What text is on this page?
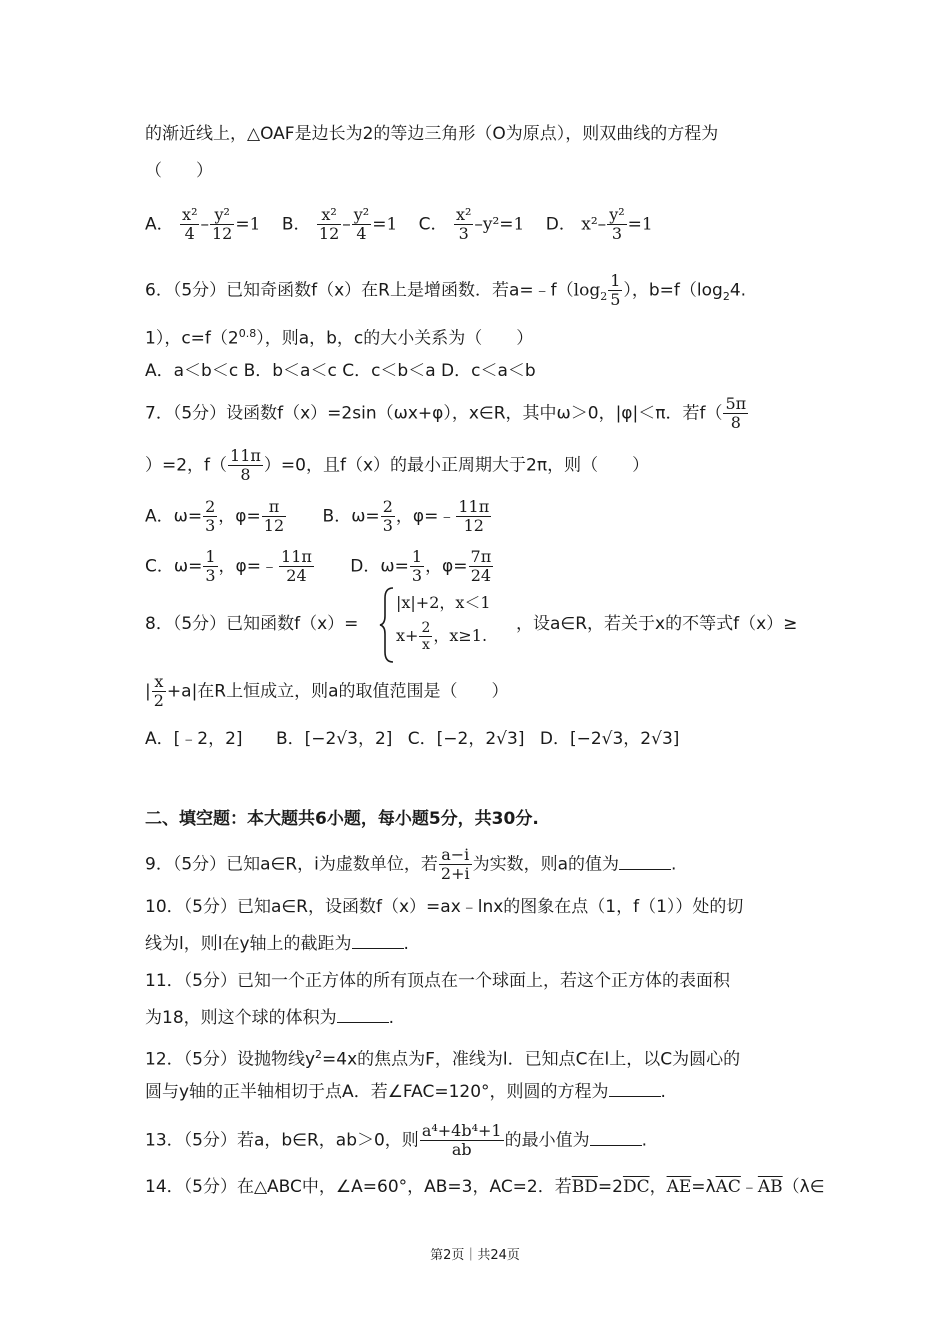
的渐近线上，△OAF是边长为2的等边三角形（O为原点），则双曲线的方程为
（　　）
A． $\frac{\text{x²}}{4} - \frac{\text{y²}}{12} =1$ B． $\frac{\text{x²}}{12} - \frac{\text{y²}}{4} =1$ C． $\frac{\text{x²}}{3} -y^2=1$ D． $x^2- \frac{\text{y²}}{3} =1$
6．（5分）已知奇函数f（x）在R上是增函数．若$a=﹣f(\log_2 \frac{1}{5}$ ），$b=f(\log_24$.
1），$c=f(2^{0.8})$，则a，b，c的大小关系为（　　）
A．a＜b＜c B．b＜a＜c C．c＜b＜a D．c＜a＜b
7．（5分）设函数f（x）=2sin（ωx+φ），x∈R，其中ω＞0，|φ|＜π．若$f( \frac{5\pi}{8}$
）=2，$f( \frac{11\pi}{8} )=0$，且f（x）的最小正周期大于2π，则（　　）
A．$\omega= \frac{2}{3}$ ，$\varphi= \frac{\pi}{12}$ B．$\omega= \frac{2}{3}$ ，φ=﹣ $\frac{11\pi}{12}$
C．$\omega= \frac{1}{3}$ ，φ=﹣ $\frac{11\pi}{24}$ D．$\omega= \frac{1}{3}$ ，$\varphi= \frac{7\pi}{24}$
8．（5分）已知函数f（x）=
|x|+2，x＜1
$x+ \frac{2}{x}$ ，x≥1.
，设a∈R，若关于x的不等式f（x）≥
| $\frac{x}{2} +a|$在R上恒成立，则a的取值范围是（　　）
A．[﹣2，2] B．[−2√3，2] C．[−2，2√3] D．[−2√3，2√3]
二、填空题：本大题共6小题，每小题5分，共30分.
9．（5分）已知a∈R，i为虚数单位，若 $\frac{a-i}{2+i}$ 为实数，则a的值为	.
10．（5分）已知a∈R，设函数f（x）=ax﹣lnx的图象在点（1，f（1））处的切
线为l，则l在y轴上的截距为	.
11．（5分）已知一个正方体的所有顶点在一个球面上，若这个正方体的表面积
为18，则这个球的体积为	.
12．（5分）设抛物线$y^2=4x$的焦点为F，准线为l．已知点C在l上，以C为圆心的
圆与y轴的正半轴相切于点A．若∠FAC=120°，则圆的方程为	.
13．（5分）若a，b∈R，ab＞0，则 $\frac{\text{a⁴+4b⁴+1}}{ab}$ 的最小值为	.
14．（5分）在△ABC中，∠A=60°，AB=3，AC=2．若$\overline{BD}=2\overline{DC}$，$\overline{AE}=\lambda\overline{AC}﹣\overline{AB}(\lambda\in$
第2页｜共24页
